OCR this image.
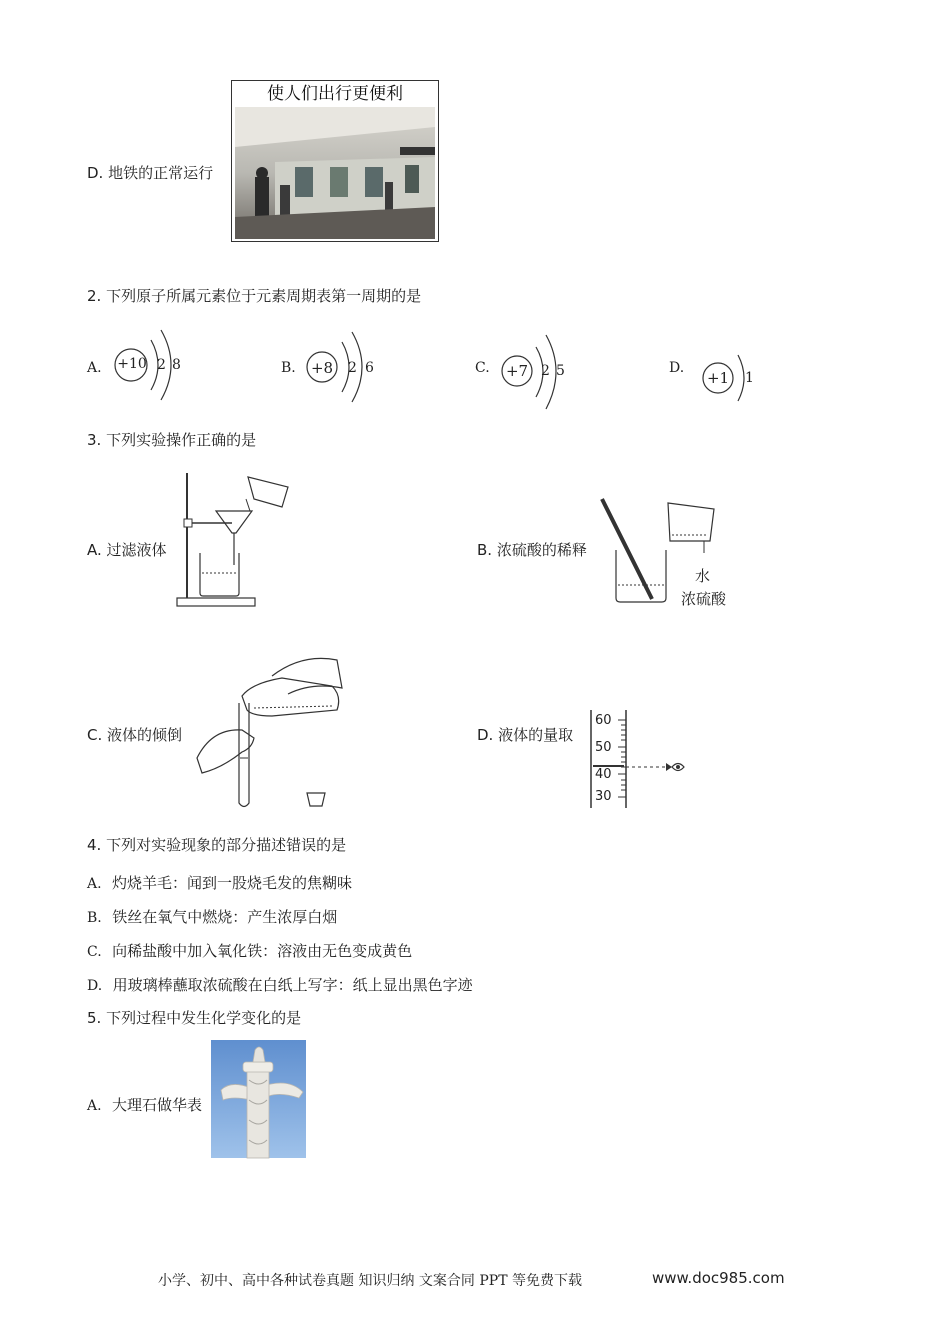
D. 地铁的正常运行
使人们出行更便利
2. 下列原子所属元素位于元素周期表第一周期的是
A. +10 2 8	B. +8 2 6	C. +7 2 5	D.
+1 1
3. 下列实验操作正确的是
A. 过滤液体	B. 浓硫酸的稀释
水
浓硫酸
C. 液体的倾倒	D. 液体的量取
60
50
40
30
4. 下列对实验现象的部分描述错误的是
A. 灼烧羊毛：闻到一股烧毛发的焦糊味
B. 铁丝在氧气中燃烧：产生浓厚白烟
C. 向稀盐酸中加入氧化铁：溶液由无色变成黄色
D. 用玻璃棒蘸取浓硫酸在白纸上写字：纸上显出黑色字迹
5. 下列过程中发生化学变化的是
A. 大理石做华表
小学、初中、高中各种试卷真题 知识归纳 文案合同 PPT 等免费下载	www.doc985.com
